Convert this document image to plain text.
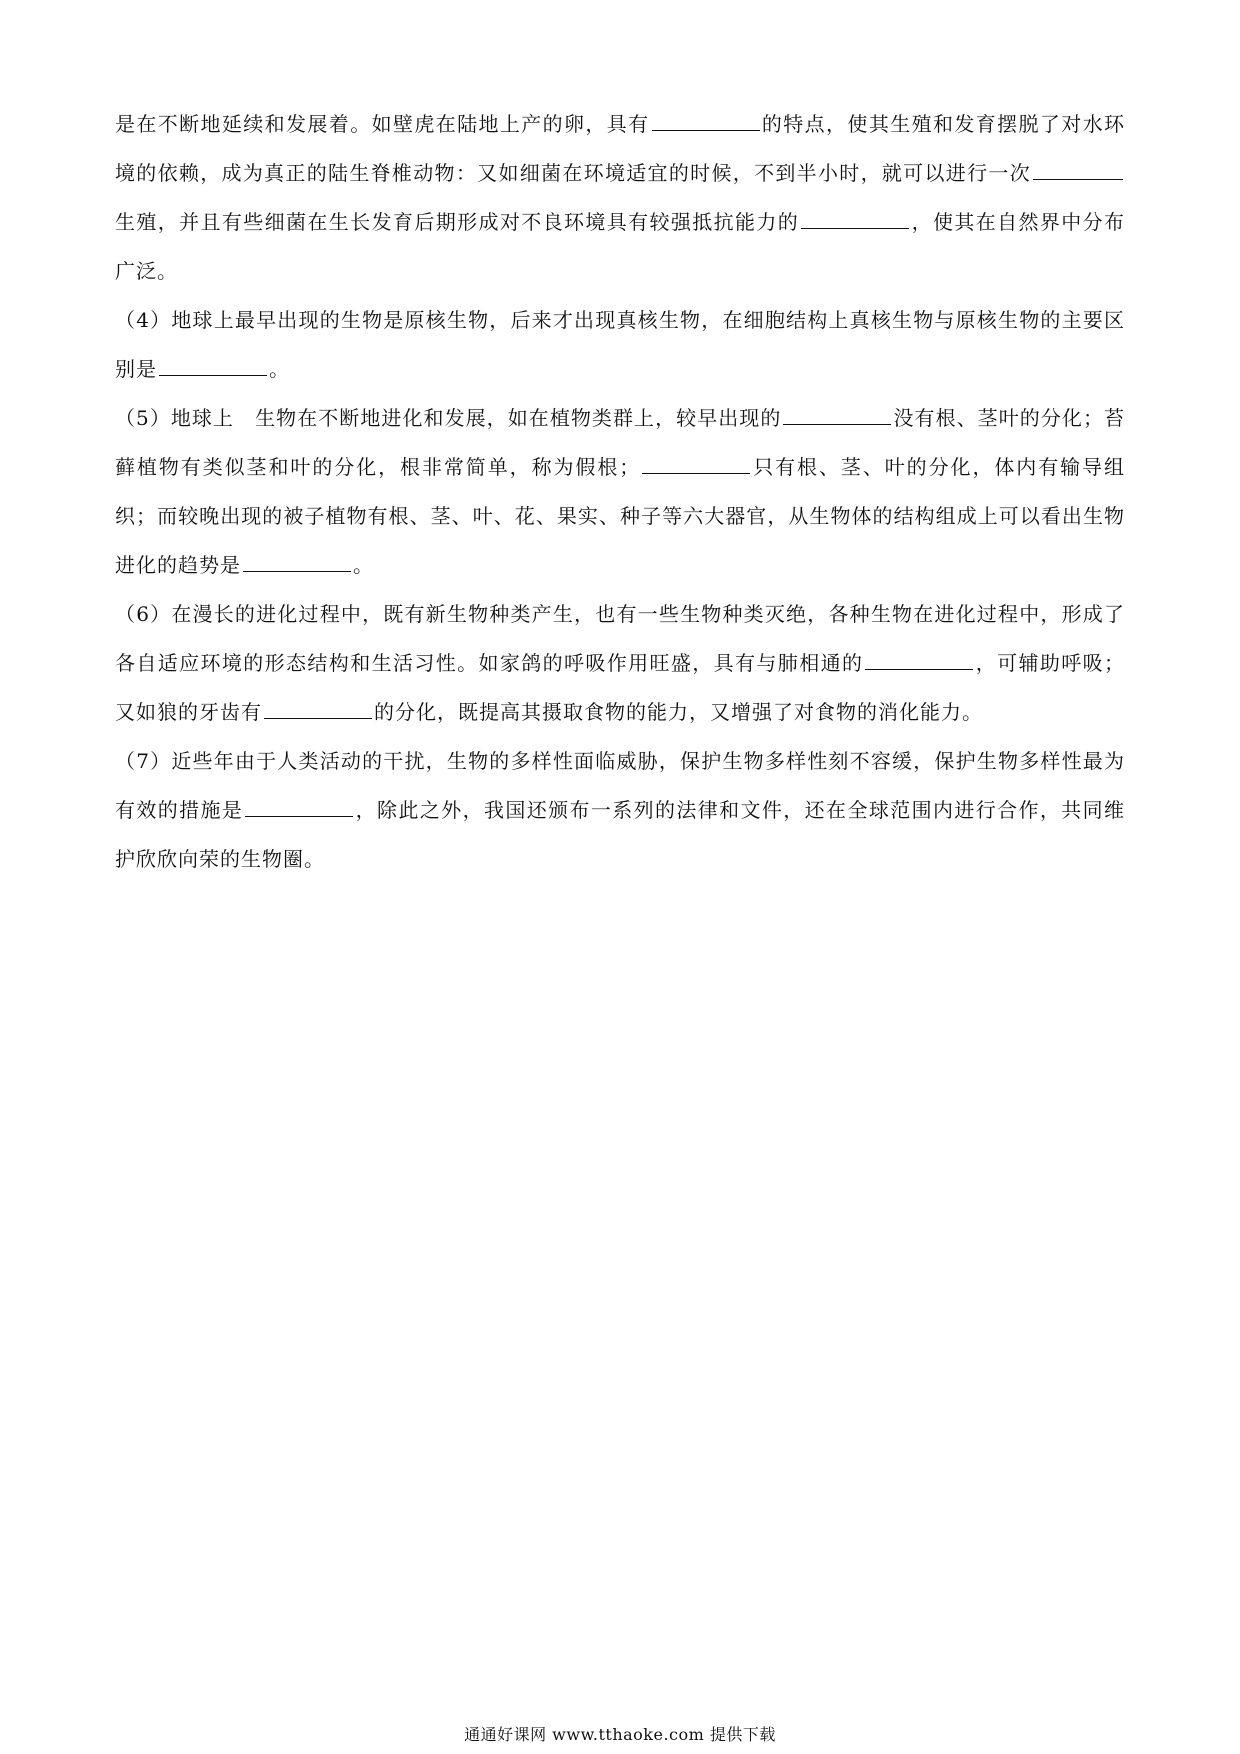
是在不断地延续和发展着。如壁虎在陆地上产的卵，具有	的特点，使其生殖和发育摆脱了对水环境的依赖，成为真正的陆生脊椎动物：又如细菌在环境适宜的时候，不到半小时，就可以进行一次生殖，并且有些细菌在生长发育后期形成对不良环境具有较强抵抗能力的	，使其在自然界中分布广泛。

（4）地球上最早出现的生物是原核生物，后来才出现真核生物，在细胞结构上真核生物与原核生物的主要区别是	。

（5）地球上　生物在不断地进化和发展，如在植物类群上，较早出现的	没有根、茎叶的分化；苔藓植物有类似茎和叶的分化，根非常简单，称为假根；	只有根、茎、叶的分化，体内有输导组织；而较晚出现的被子植物有根、茎、叶、花、果实、种子等六大器官，从生物体的结构组成上可以看出生物进化的趋势是	。

（6）在漫长的进化过程中，既有新生物种类产生，也有一些生物种类灭绝，各种生物在进化过程中，形成了各自适应环境的形态结构和生活习性。如家鸽的呼吸作用旺盛，具有与肺相通的	，可辅助呼吸；又如狼的牙齿有	的分化，既提高其摄取食物的能力，又增强了对食物的消化能力。

（7）近些年由于人类活动的干扰，生物的多样性面临威胁，保护生物多样性刻不容缓，保护生物多样性最为有效的措施是	，除此之外，我国还颁布一系列的法律和文件，还在全球范围内进行合作，共同维护欣欣向荣的生物圈。

通通好课网 www.tthaoke.com 提供下载
